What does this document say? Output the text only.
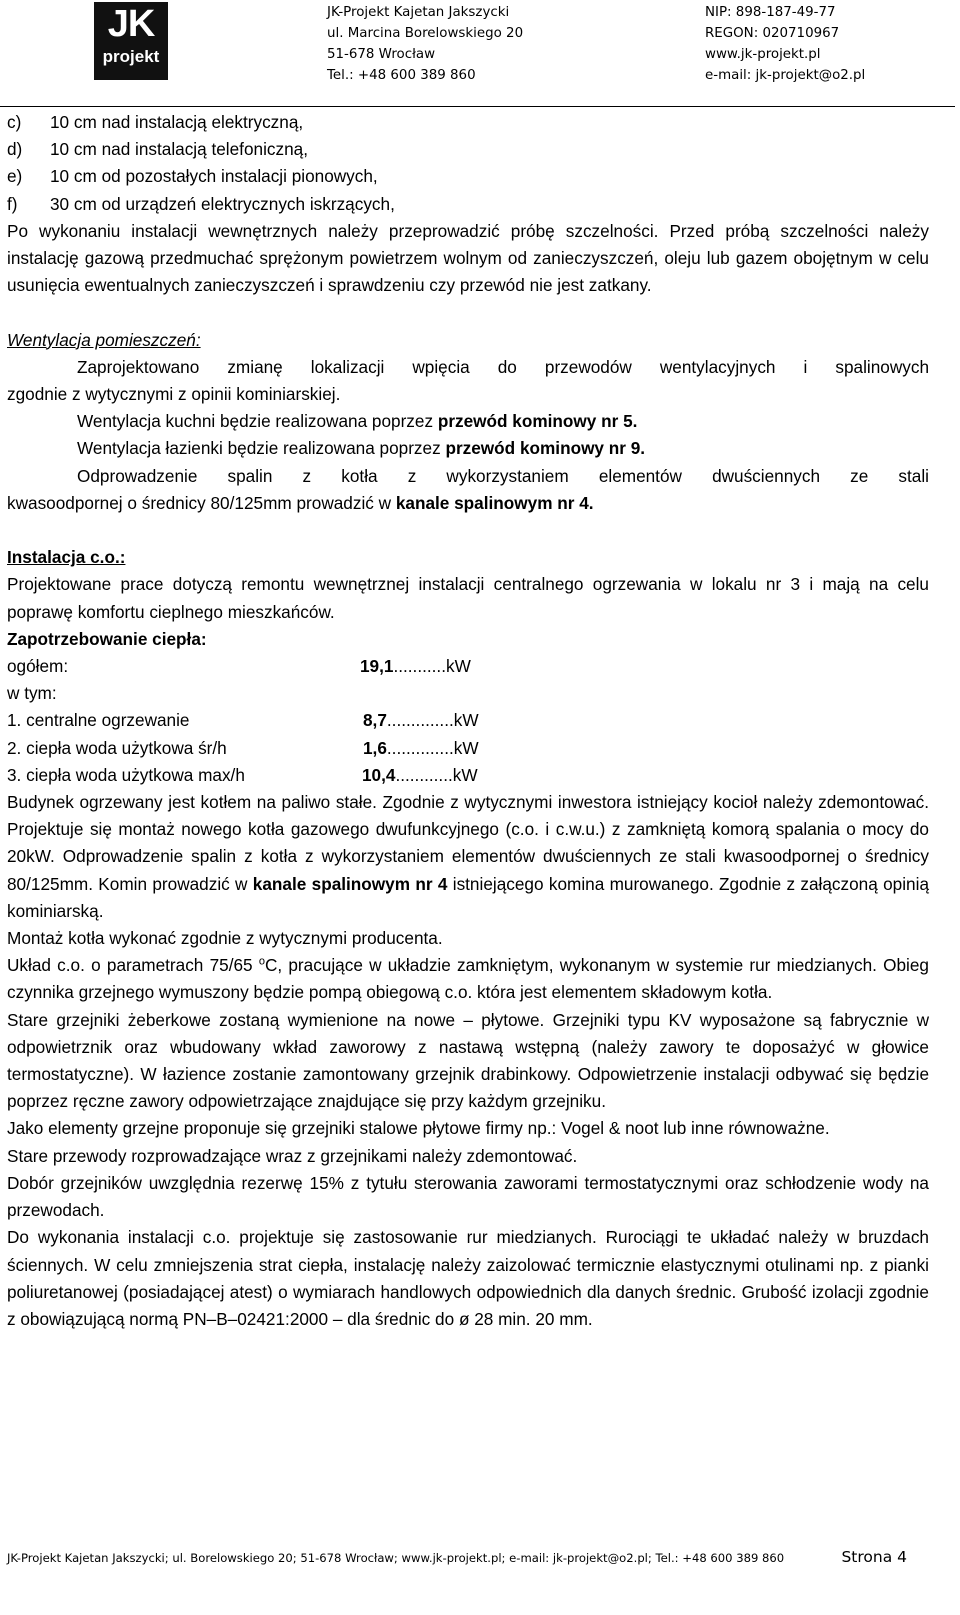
JK
projekt
JK-Projekt Kajetan Jakszycki
ul. Marcina Borelowskiego 20
51-678 Wrocław
Tel.: +48 600 389 860
NIP: 898-187-49-77
REGON: 020710967
www.jk-projekt.pl
e-mail: jk-projekt@o2.pl

c) 10 cm nad instalacją elektryczną,

d) 10 cm nad instalacją telefoniczną,

e) 10 cm od pozostałych instalacji pionowych,

f) 30 cm od urządzeń elektrycznych iskrzących,

Po wykonaniu instalacji wewnętrznych należy przeprowadzić próbę szczelności. Przed próbą szczelności należy instalację gazową przedmuchać sprężonym powietrzem wolnym od zanieczyszczeń, oleju lub gazem obojętnym w celu usunięcia ewentualnych zanieczyszczeń i sprawdzeniu czy przewód nie jest zatkany.

Wentylacja pomieszczeń:

Zaprojektowano zmianę lokalizacji wpięcia do przewodów wentylacyjnych i spalinowych

zgodnie z wytycznymi z opinii kominiarskiej.

Wentylacja kuchni będzie realizowana poprzez przewód kominowy nr 5.

Wentylacja łazienki będzie realizowana poprzez przewód kominowy nr 9.

Odprowadzenie spalin z kotła z wykorzystaniem elementów dwuściennych ze stali

kwasoodpornej o średnicy 80/125mm prowadzić w kanale spalinowym nr 4.

Instalacja c.o.:

Projektowane prace dotyczą remontu wewnętrznej instalacji centralnego ogrzewania w lokalu nr 3 i mają na celu poprawę komfortu cieplnego mieszkańców.

Zapotrzebowanie ciepła:

ogółem:	19,1 ...........kW

w tym:

1. centralne ogrzewanie	8,7 ..............kW
2. ciepła woda użytkowa śr/h	1,6 ..............kW
3. ciepła woda użytkowa max/h	10,4 ............kW

Budynek ogrzewany jest kotłem na paliwo stałe. Zgodnie z wytycznymi inwestora istniejący kocioł należy zdemontować. Projektuje się montaż nowego kotła gazowego dwufunkcyjnego (c.o. i c.w.u.) z zamkniętą komorą spalania o mocy do 20kW. Odprowadzenie spalin z kotła z wykorzystaniem elementów dwuściennych ze stali kwasoodpornej o średnicy 80/125mm. Komin prowadzić w kanale spalinowym nr 4 istniejącego komina murowanego. Zgodnie z załączoną opinią kominiarską.

Montaż kotła wykonać zgodnie z wytycznymi producenta.

Układ c.o. o parametrach 75/65 $^o$C, pracujące w układzie zamkniętym, wykonanym w systemie rur miedzianych. Obieg czynnika grzejnego wymuszony będzie pompą obiegową c.o. która jest elementem składowym kotła.

Stare grzejniki żeberkowe zostaną wymienione na nowe – płytowe. Grzejniki typu KV wyposażone są fabrycznie w odpowietrznik oraz wbudowany wkład zaworowy z nastawą wstępną (należy zawory te doposażyć w głowice termostatyczne). W łazience zostanie zamontowany grzejnik drabinkowy. Odpowietrzenie instalacji odbywać się będzie poprzez ręczne zawory odpowietrzające znajdujące się przy każdym grzejniku.

Jako elementy grzejne proponuje się grzejniki stalowe płytowe firmy np.: Vogel & noot lub inne równoważne.

Stare przewody rozprowadzające wraz z grzejnikami należy zdemontować.

Dobór grzejników uwzględnia rezerwę 15% z tytułu sterowania zaworami termostatycznymi oraz schłodzenie wody na przewodach.

Do wykonania instalacji c.o. projektuje się zastosowanie rur miedzianych. Rurociągi te układać należy w bruzdach ściennych. W celu zmniejszenia strat ciepła, instalację należy zaizolować termicznie elastycznymi otulinami np. z pianki poliuretanowej (posiadającej atest) o wymiarach handlowych odpowiednich dla danych średnic. Grubość izolacji zgodnie z obowiązującą normą PN–B–02421:2000 – dla średnic do ø 28 min. 20 mm.

JK-Projekt Kajetan Jakszycki; ul. Borelowskiego 20; 51-678 Wrocław; www.jk-projekt.pl; e-mail: jk-projekt@o2.pl; Tel.: +48 600 389 860	Strona 4
